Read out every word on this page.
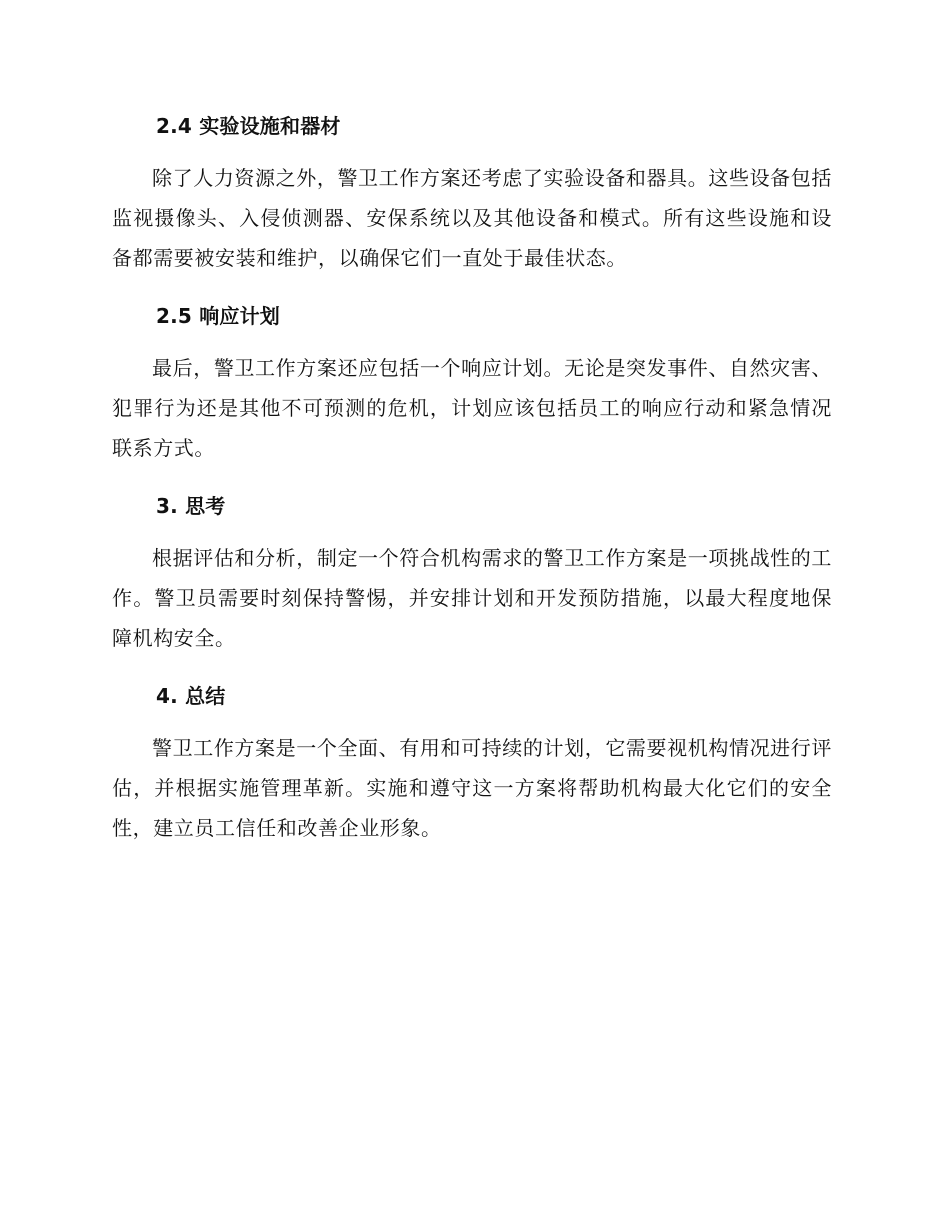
2.4 实验设施和器材

除了人力资源之外，警卫工作方案还考虑了实验设备和器具。这些设备包括监视摄像头、入侵侦测器、安保系统以及其他设备和模式。所有这些设施和设备都需要被安装和维护，以确保它们一直处于最佳状态。

2.5 响应计划

最后，警卫工作方案还应包括一个响应计划。无论是突发事件、自然灾害、犯罪行为还是其他不可预测的危机，计划应该包括员工的响应行动和紧急情况联系方式。

3. 思考

根据评估和分析，制定一个符合机构需求的警卫工作方案是一项挑战性的工作。警卫员需要时刻保持警惕，并安排计划和开发预防措施，以最大程度地保障机构安全。

4. 总结

警卫工作方案是一个全面、有用和可持续的计划，它需要视机构情况进行评估，并根据实施管理革新。实施和遵守这一方案将帮助机构最大化它们的安全性，建立员工信任和改善企业形象。
